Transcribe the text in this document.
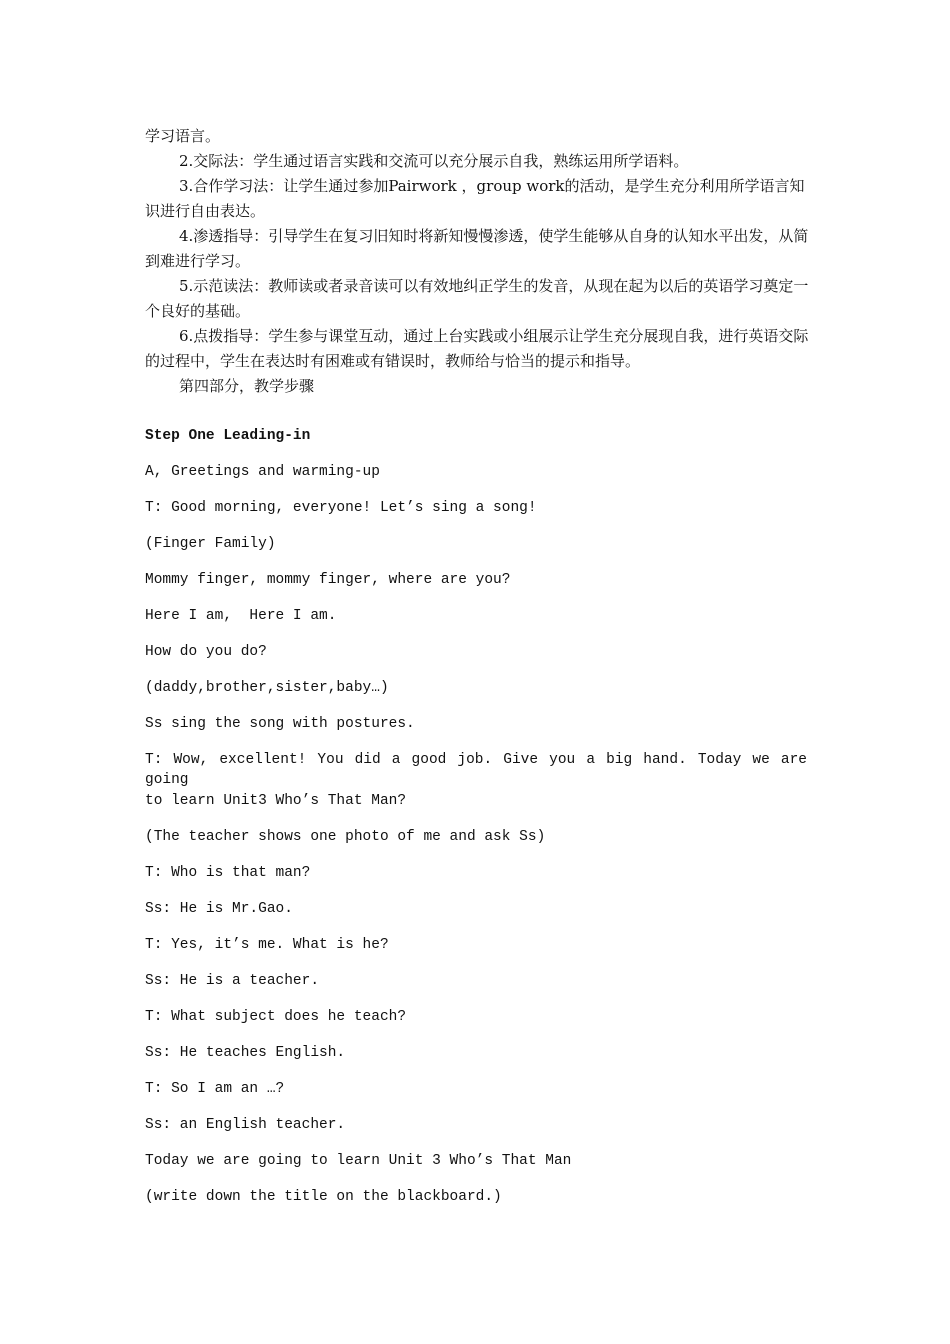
学习语言。

2.交际法：学生通过语言实践和交流可以充分展示自我，熟练运用所学语料。

3.合作学习法：让学生通过参加Pairwork ，group work的活动，是学生充分利用所学语言知识进行自由表达。

4.渗透指导：引导学生在复习旧知时将新知慢慢渗透，使学生能够从自身的认知水平出发，从简到难进行学习。

5.示范读法：教师读或者录音读可以有效地纠正学生的发音，从现在起为以后的英语学习奠定一个良好的基础。

6.点拨指导：学生参与课堂互动，通过上台实践或小组展示让学生充分展现自我，进行英语交际的过程中，学生在表达时有困难或有错误时，教师给与恰当的提示和指导。

第四部分，教学步骤

Step One Leading-in

A, Greetings and warming-up

T: Good morning, everyone! Let’s sing a song!

(Finger Family)

Mommy finger, mommy finger, where are you?

Here I am,  Here I am.

How do you do?

(daddy,brother,sister,baby…)

Ss sing the song with postures.

T: Wow, excellent! You did a good job. Give you a big hand. Today we are going

to learn Unit3 Who’s That Man?

(The teacher shows one photo of me and ask Ss)

T: Who is that man?

Ss: He is Mr.Gao.

T: Yes, it’s me. What is he?

Ss: He is a teacher.

T: What subject does he teach?

Ss: He teaches English.

T: So I am an …?

Ss: an English teacher.

Today we are going to learn Unit 3 Who’s That Man

(write down the title on the blackboard.)
